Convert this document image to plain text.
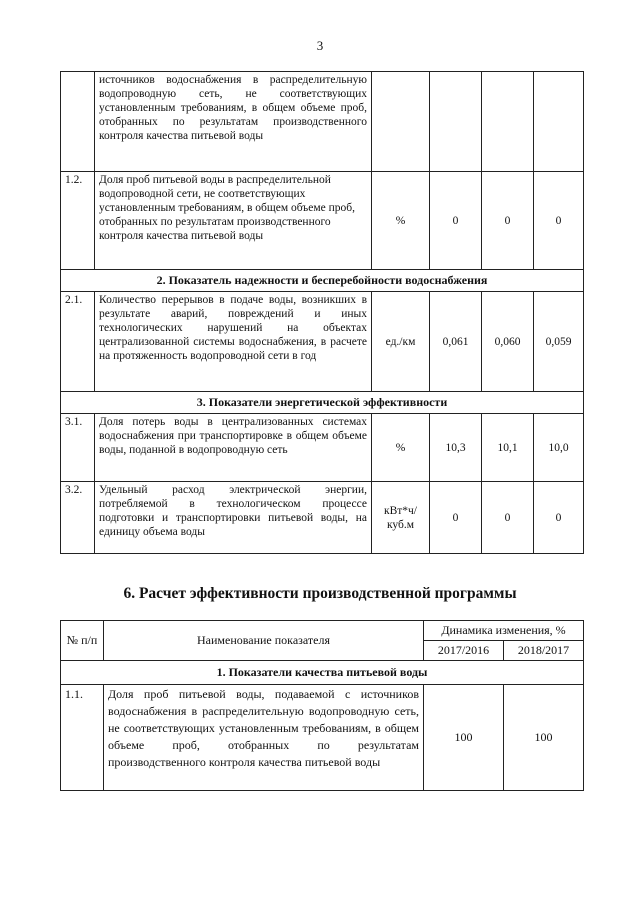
3
	источников водоснабжения в распределительную водопроводную сеть, не соответствующих установленным требованиям, в общем объеме проб, отобранных по результатам производственного контроля качества питьевой воды				
1.2.	Доля проб питьевой воды в распределительной водопроводной сети, не соответствующих установленным требованиям, в общем объеме проб, отобранных по результатам производственного контроля качества питьевой воды	%	0	0	0
2. Показатель надежности и бесперебойности водоснабжения					
2.1.	Количество перерывов в подаче воды, возникших в результате аварий, повреждений и иных технологических нарушений на объектах централизованной системы водоснабжения, в расчете на протяженность водопроводной сети в год	ед./км	0,061	0,060	0,059
3. Показатели энергетической эффективности					
3.1.	Доля потерь воды в централизованных системах водоснабжения при транспортировке в общем объеме воды, поданной в водопроводную сеть	%	10,3	10,1	10,0
3.2.	Удельный расход электрической энергии, потребляемой в технологическом процессе подготовки и транспортировки питьевой воды, на единицу объема воды	кВт*ч/ куб.м	0	0	0
6. Расчет эффективности производственной программы
№ п/п	Наименование показателя	Динамика изменения, %	
		2017/2016	2018/2017
1. Показатели качества питьевой воды			
1.1.	Доля проб питьевой воды, подаваемой с источников водоснабжения в распределительную водопроводную сеть, не соответствующих установленным требованиям, в общем объеме проб, отобранных по результатам производственного контроля качества питьевой воды	100	100
